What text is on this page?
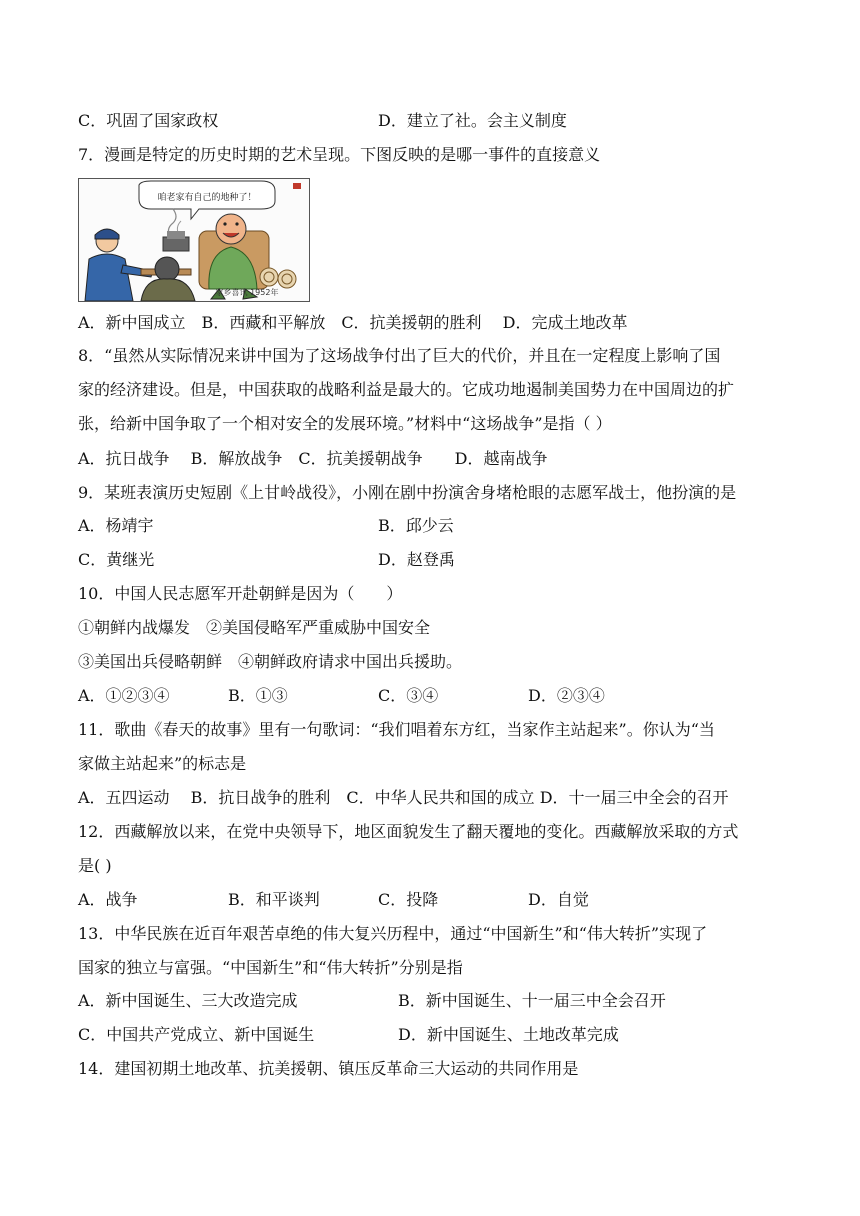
C．巩固了国家政权	D．建立了社。会主义制度
7．漫画是特定的历史时期的艺术呈现。下图反映的是哪一事件的直接意义
咱老家有自己的地种了！
家乡喜讯 1952年
A．新中国成立　B．西藏和平解放　C．抗美援朝的胜利　 D．完成土地改革
8．“虽然从实际情况来讲中国为了这场战争付出了巨大的代价，并且在一定程度上影响了国
家的经济建设。但是，中国获取的战略利益是最大的。它成功地遏制美国势力在中国周边的扩
张，给新中国争取了一个相对安全的发展环境。”材料中“这场战争”是指（ ）
A．抗日战争　 B．解放战争　C．抗美援朝战争　　D．越南战争
9．某班表演历史短剧《上甘岭战役》，小刚在剧中扮演舍身堵枪眼的志愿军战士，他扮演的是
A．杨靖宇	B．邱少云
C．黄继光	D．赵登禹
10．中国人民志愿军开赴朝鲜是因为（　　）
①朝鲜内战爆发　②美国侵略军严重威胁中国安全
③美国出兵侵略朝鲜　④朝鲜政府请求中国出兵援助。
A．①②③④	B．①③	C．③④	D．②③④
11．歌曲《春天的故事》里有一句歌词：“我们唱着东方红，当家作主站起来”。你认为“当
家做主站起来”的标志是
A．五四运动　 B．抗日战争的胜利　C．中华人民共和国的成立 D．十一届三中全会的召开
12．西藏解放以来，在党中央领导下，地区面貌发生了翻天覆地的变化。西藏解放采取的方式
是( )
A．战争	B．和平谈判	C．投降	D．自觉
13．中华民族在近百年艰苦卓绝的伟大复兴历程中，通过“中国新生”和“伟大转折”实现了
国家的独立与富强。“中国新生”和“伟大转折”分别是指
A．新中国诞生、三大改造完成	B．新中国诞生、十一届三中全会召开
C．中国共产党成立、新中国诞生	D．新中国诞生、土地改革完成
14．建国初期土地改革、抗美援朝、镇压反革命三大运动的共同作用是
